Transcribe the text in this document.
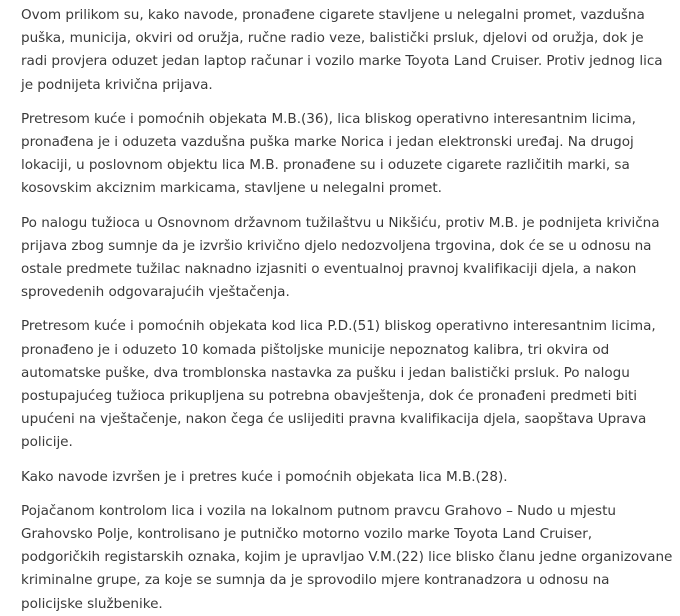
Ovom prilikom su, kako navode, pronađene cigarete stavljene u nelegalni promet, vazdušna puška, municija, okviri od oružja, ručne radio veze, balistički prsluk, djelovi od oružja, dok je radi provjera oduzet jedan laptop računar i vozilo marke Toyota Land Cruiser. Protiv jednog lica je podnijeta krivična prijava.

Pretresom kuće i pomoćnih objekata M.B.(36), lica bliskog operativno interesantnim licima, pronađena je i oduzeta vazdušna puška marke Norica i jedan elektronski uređaj. Na drugoj lokaciji, u poslovnom objektu lica M.B. pronađene su i oduzete cigarete različitih marki, sa kosovskim akciznim markicama, stavljene u nelegalni promet.

Po nalogu tužioca u Osnovnom državnom tužilaštvu u Nikšiću, protiv M.B. je podnijeta krivična prijava zbog sumnje da je izvršio krivično djelo nedozvoljena trgovina, dok će se u odnosu na ostale predmete tužilac naknadno izjasniti o eventualnoj pravnoj kvalifikaciji djela, a nakon sprovedenih odgovarajućih vještačenja.

Pretresom kuće i pomoćnih objekata kod lica P.D.(51) bliskog operativno interesantnim licima, pronađeno je i oduzeto 10 komada pištoljske municije nepoznatog kalibra, tri okvira od automatske puške, dva tromblonska nastavka za pušku i jedan balistički prsluk. Po nalogu postupajućeg tužioca prikupljena su potrebna obavještenja, dok će pronađeni predmeti biti upućeni na vještačenje, nakon čega će uslijediti pravna kvalifikacija djela, saopštava Uprava policije.

Kako navode izvršen je i pretres kuće i pomoćnih objekata lica M.B.(28).

Pojačanom kontrolom lica i vozila na lokalnom putnom pravcu Grahovo – Nudo u mjestu Grahovsko Polje, kontrolisano je putničko motorno vozilo marke Toyota Land Cruiser, podgoričkih registarskih oznaka, kojim je upravljao V.M.(22) lice blisko članu jedne organizovane kriminalne grupe, za koje se sumnja da je sprovodilo mjere kontranadzora u odnosu na policijske službenike.
